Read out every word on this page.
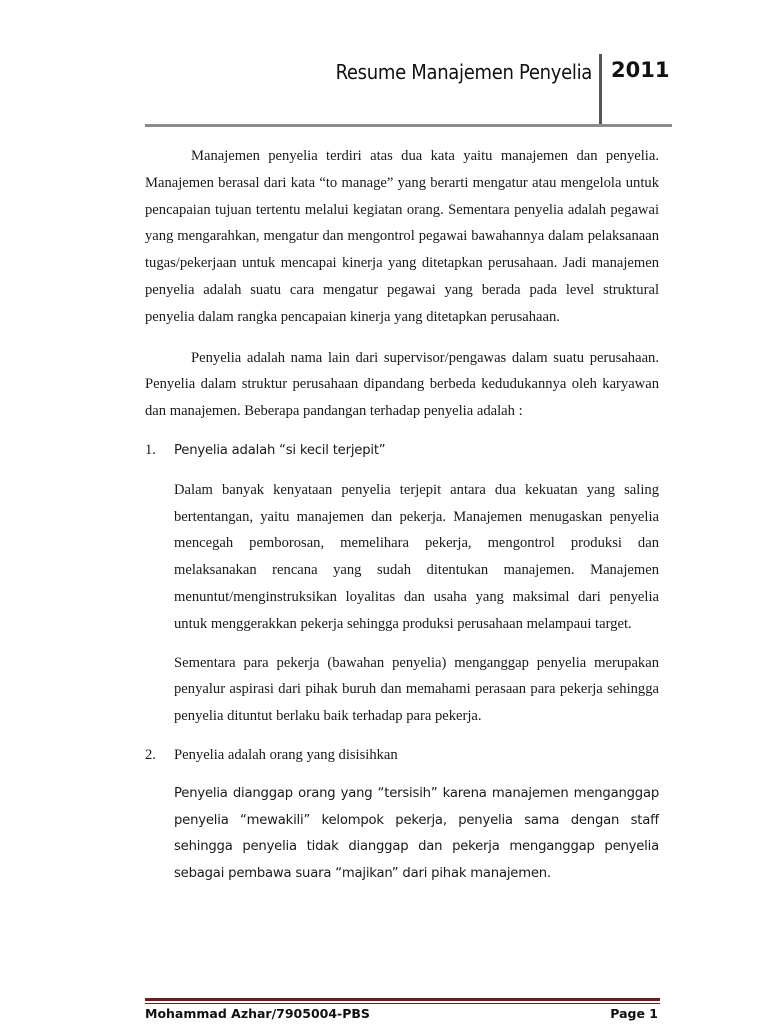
Resume Manajemen Penyelia 2011

Manajemen penyelia terdiri atas dua kata yaitu manajemen dan penyelia. Manajemen berasal dari kata “to manage” yang berarti mengatur atau mengelola untuk pencapaian tujuan tertentu melalui kegiatan orang. Sementara penyelia adalah pegawai yang mengarahkan, mengatur dan mengontrol pegawai bawahannya dalam pelaksanaan tugas/pekerjaan untuk mencapai kinerja yang ditetapkan perusahaan. Jadi manajemen penyelia adalah suatu cara mengatur pegawai yang berada pada level struktural penyelia dalam rangka pencapaian kinerja yang ditetapkan perusahaan.

Penyelia adalah nama lain dari supervisor/pengawas dalam suatu perusahaan. Penyelia dalam struktur perusahaan dipandang berbeda kedudukannya oleh karyawan dan manajemen. Beberapa pandangan terhadap penyelia adalah :

1. Penyelia adalah “si kecil terjepit”

Dalam banyak kenyataan penyelia terjepit antara dua kekuatan yang saling bertentangan, yaitu manajemen dan pekerja. Manajemen menugaskan penyelia mencegah pemborosan, memelihara pekerja, mengontrol produksi dan melaksanakan rencana yang sudah ditentukan manajemen. Manajemen menuntut/menginstruksikan loyalitas dan usaha yang maksimal dari penyelia untuk menggerakkan pekerja sehingga produksi perusahaan melampaui target.

Sementara para pekerja (bawahan penyelia) menganggap penyelia merupakan penyalur aspirasi dari pihak buruh dan memahami perasaan para pekerja sehingga penyelia dituntut berlaku baik terhadap para pekerja.

2. Penyelia adalah orang yang disisihkan

Penyelia dianggap orang yang “tersisih” karena manajemen menganggap penyelia “mewakili” kelompok pekerja, penyelia sama dengan staff sehingga penyelia tidak dianggap dan pekerja menganggap penyelia sebagai pembawa suara “majikan” dari pihak manajemen.

Mohammad Azhar/7905004-PBS	Page 1
